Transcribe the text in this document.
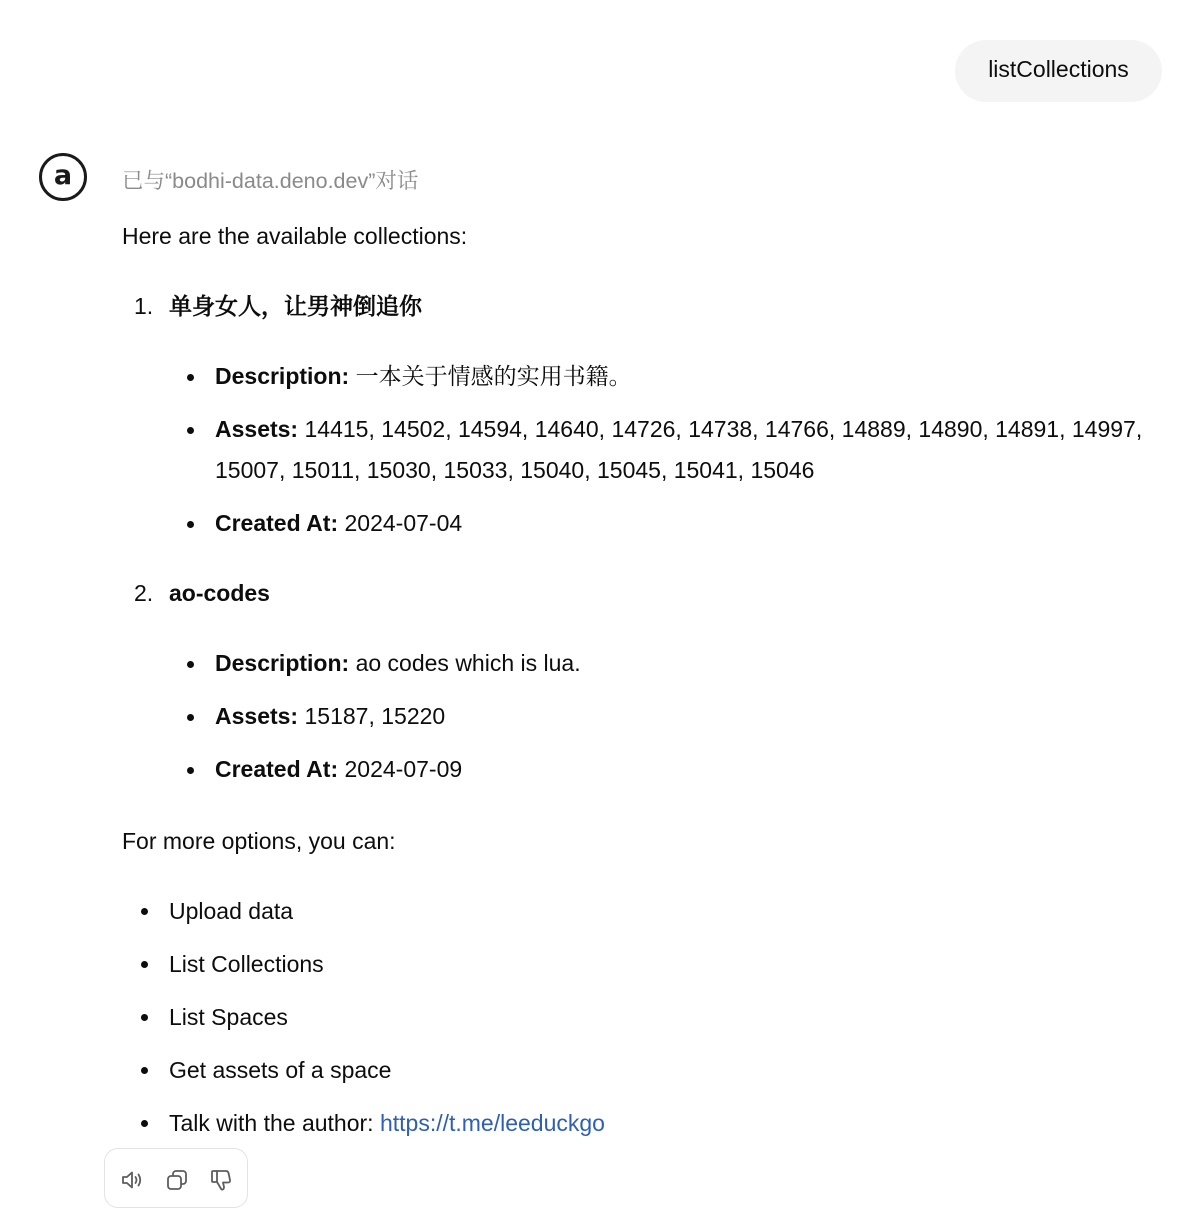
listCollections
a 已与“bodhi-data.deno.dev”对话

Here are the available collections:

1. 单身女人，让男神倒追你
Description: 一本关于情感的实用书籍。
Assets: 14415, 14502, 14594, 14640, 14726, 14738, 14766, 14889, 14890, 14891, 14997, 15007, 15011, 15030, 15033, 15040, 15045, 15041, 15046
Created At: 2024-07-04
2. ao-codes
Description: ao codes which is lua.
Assets: 15187, 15220
Created At: 2024-07-09

For more options, you can:

Upload data
List Collections
List Spaces
Get assets of a space
Talk with the author: https://t.me/leeduckgo
